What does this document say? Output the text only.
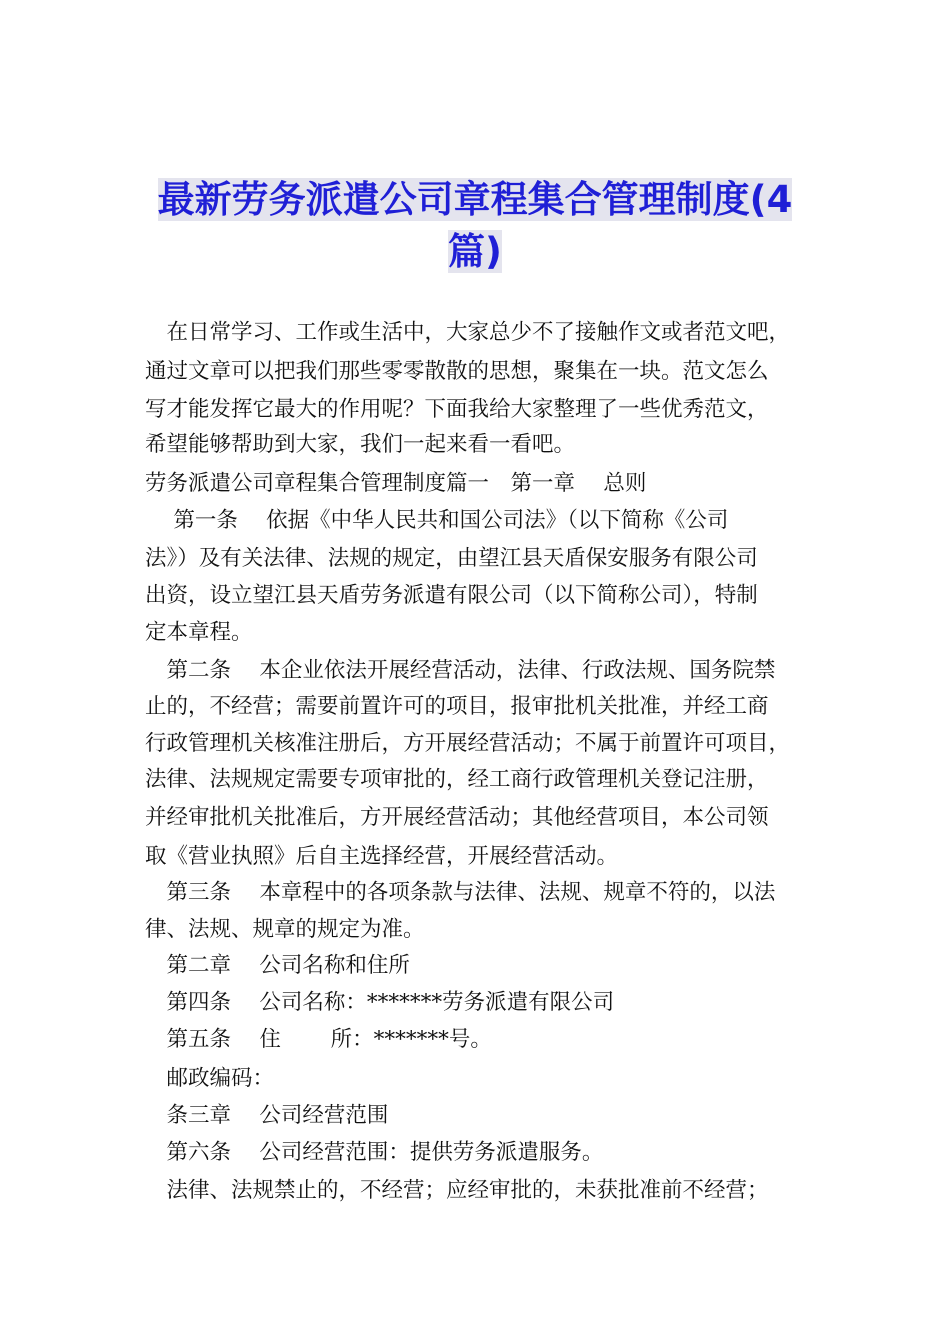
最新劳务派遣公司章程集合管理制度(4
篇)
　在日常学习、工作或生活中，大家总少不了接触作文或者范文吧，
通过文章可以把我们那些零零散散的思想，聚集在一块。范文怎么
写才能发挥它最大的作用呢？下面我给大家整理了一些优秀范文，
希望能够帮助到大家，我们一起来看一看吧。
劳务派遣公司章程集合管理制度篇一　第一章　 总则
　 第一条　 依据《中华人民共和国公司法》（以下简称《公司
法》）及有关法律、法规的规定，由望江县天盾保安服务有限公司
出资，设立望江县天盾劳务派遣有限公司（以下简称公司），特制
定本章程。
　第二条　 本企业依法开展经营活动，法律、行政法规、国务院禁
止的，不经营；需要前置许可的项目，报审批机关批准，并经工商
行政管理机关核准注册后，方开展经营活动；不属于前置许可项目，
法律、法规规定需要专项审批的，经工商行政管理机关登记注册，
并经审批机关批准后，方开展经营活动；其他经营项目，本公司领
取《营业执照》后自主选择经营，开展经营活动。
　第三条　 本章程中的各项条款与法律、法规、规章不符的，以法
律、法规、规章的规定为准。
　第二章　 公司名称和住所
　第四条　 公司名称：*******劳务派遣有限公司
　第五条　 住　　 所：*******号。
　邮政编码：
　条三章　 公司经营范围
　第六条　 公司经营范围：提供劳务派遣服务。
　法律、法规禁止的，不经营；应经审批的，未获批准前不经营；
